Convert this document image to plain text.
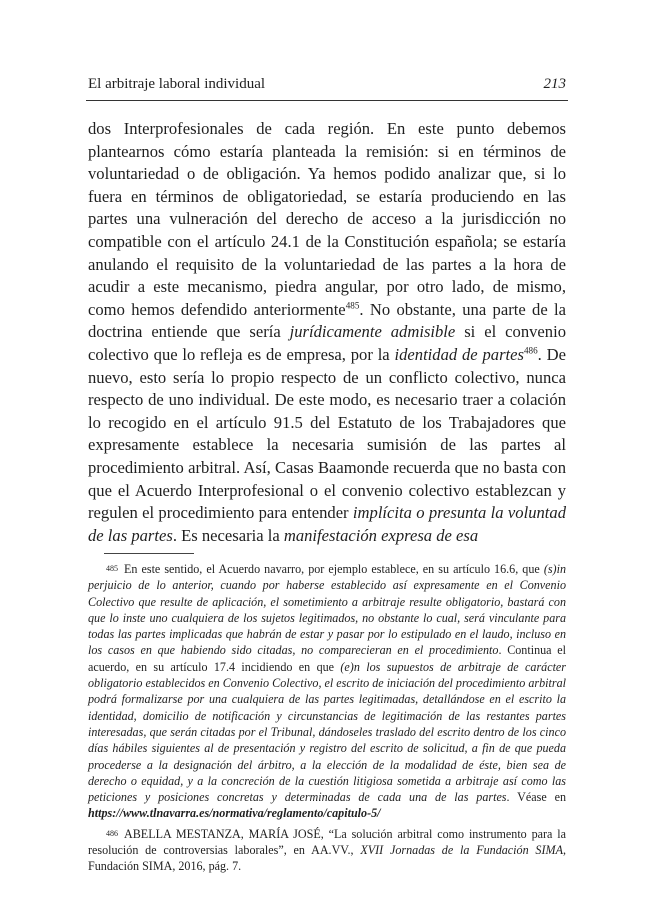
El arbitraje laboral individual	213

dos Interprofesionales de cada región. En este punto debemos plantearnos cómo estaría planteada la remisión: si en términos de voluntariedad o de obligación. Ya hemos podido analizar que, si lo fuera en términos de obligatoriedad, se estaría produciendo en las partes una vulneración del derecho de acceso a la jurisdicción no compatible con el artículo 24.1 de la Constitución española; se estaría anulando el requisito de la voluntariedad de las partes a la hora de acudir a este mecanismo, piedra angular, por otro lado, de mismo, como hemos defendido anteriormente$^{485}$. No obstante, una parte de la doctrina entiende que sería jurídicamente admisible si el convenio colectivo que lo refleja es de empresa, por la identidad de partes$^{486}$. De nuevo, esto sería lo propio respecto de un conflicto colectivo, nunca respecto de uno individual. De este modo, es necesario traer a colación lo recogido en el artículo 91.5 del Estatuto de los Trabajadores que expresamente establece la necesaria sumisión de las partes al procedimiento arbitral. Así, Casas Baamonde recuerda que no basta con que el Acuerdo Interprofesional o el convenio colectivo establezcan y regulen el procedimiento para entender implícita o presunta la voluntad de las partes. Es necesaria la manifestación expresa de esa

485 En este sentido, el Acuerdo navarro, por ejemplo establece, en su artículo 16.6, que (s)in perjuicio de lo anterior, cuando por haberse establecido así expresamente en el Convenio Colectivo que resulte de aplicación, el sometimiento a arbitraje resulte obligatorio, bastará con que lo inste uno cualquiera de los sujetos legitimados, no obstante lo cual, será vinculante para todas las partes implicadas que habrán de estar y pasar por lo estipulado en el laudo, incluso en los casos en que habiendo sido citadas, no comparecieran en el procedimiento. Continua el acuerdo, en su artículo 17.4 incidiendo en que (e)n los supuestos de arbitraje de carácter obligatorio establecidos en Convenio Colectivo, el escrito de iniciación del procedimiento arbitral podrá formalizarse por una cualquiera de las partes legitimadas, detallándose en el escrito la identidad, domicilio de notificación y circunstancias de legitimación de las restantes partes interesadas, que serán citadas por el Tribunal, dándoseles traslado del escrito dentro de los cinco días hábiles siguientes al de presentación y registro del escrito de solicitud, a fin de que pueda procederse a la designación del árbitro, a la elección de la modalidad de éste, bien sea de derecho o equidad, y a la concreción de la cuestión litigiosa sometida a arbitraje así como las peticiones y posiciones concretas y determinadas de cada una de las partes. Véase en https://www.tlnavarra.es/normativa/reglamento/capitulo-5/

486 ABELLA MESTANZA, MARÍA JOSÉ, “La solución arbitral como instrumento para la resolución de controversias laborales”, en AA.VV., XVII Jornadas de la Fundación SIMA, Fundación SIMA, 2016, pág. 7.
